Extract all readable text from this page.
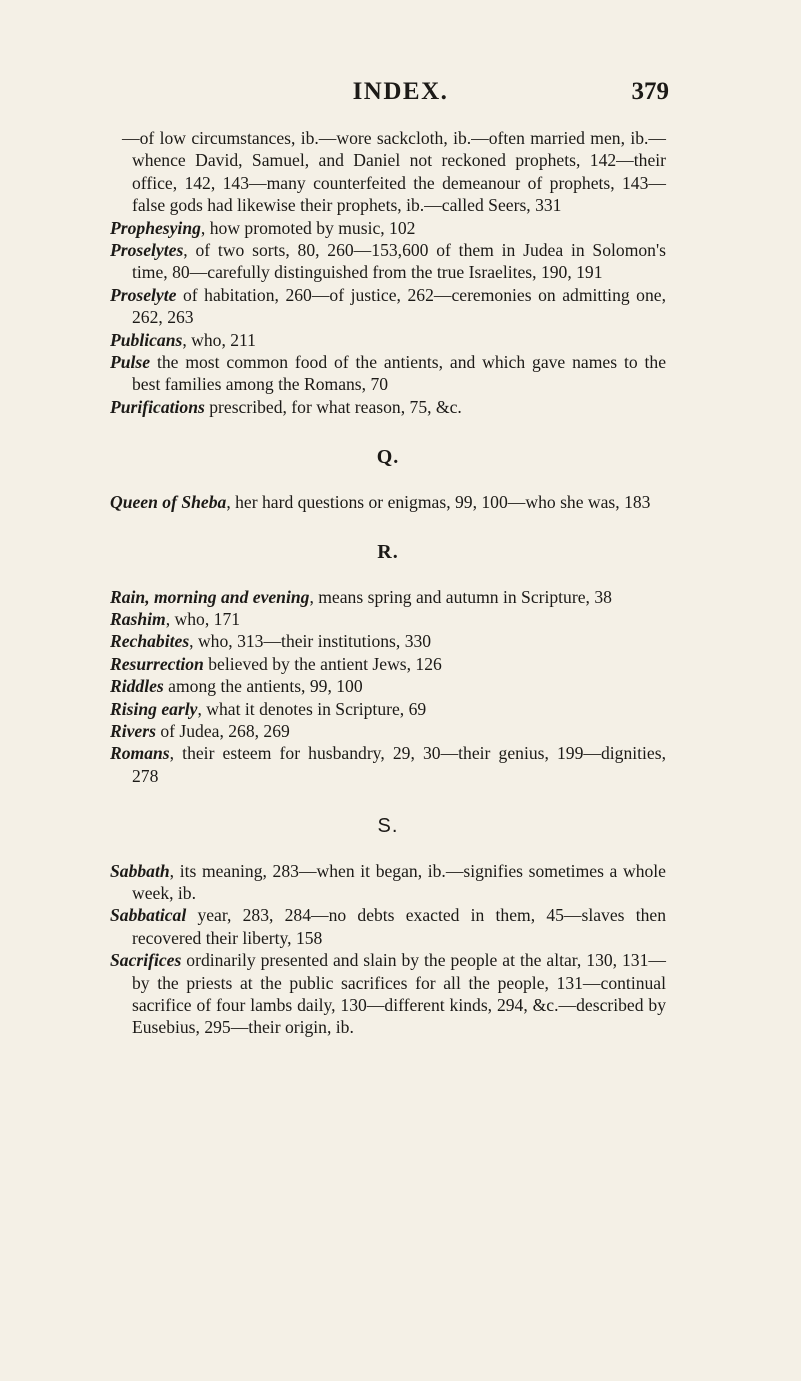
INDEX.	379

—of low circumstances, ib.—wore sackcloth, ib.—often married men, ib.—whence David, Samuel, and Daniel not reckoned prophets, 142—their office, 142, 143—many counterfeited the demeanour of prophets, 143—false gods had likewise their prophets, ib.—called Seers, 331

Prophesying, how promoted by music, 102

Proselytes, of two sorts, 80, 260—153,600 of them in Judea in Solomon's time, 80—carefully distinguished from the true Israelites, 190, 191

Proselyte of habitation, 260—of justice, 262—ceremonies on admitting one, 262, 263

Publicans, who, 211

Pulse the most common food of the antients, and which gave names to the best families among the Romans, 70

Purifications prescribed, for what reason, 75, &c.

Q.

Queen of Sheba, her hard questions or enigmas, 99, 100—who she was, 183

R.

Rain, morning and evening, means spring and autumn in Scripture, 38

Rashim, who, 171

Rechabites, who, 313—their institutions, 330

Resurrection believed by the antient Jews, 126

Riddles among the antients, 99, 100

Rising early, what it denotes in Scripture, 69

Rivers of Judea, 268, 269

Romans, their esteem for husbandry, 29, 30—their genius, 199—dignities, 278

S.

Sabbath, its meaning, 283—when it began, ib.—signifies sometimes a whole week, ib.

Sabbatical year, 283, 284—no debts exacted in them, 45—slaves then recovered their liberty, 158

Sacrifices ordinarily presented and slain by the people at the altar, 130, 131—by the priests at the public sacrifices for all the people, 131—continual sacrifice of four lambs daily, 130—different kinds, 294, &c.—described by Eusebius, 295—their origin, ib.
